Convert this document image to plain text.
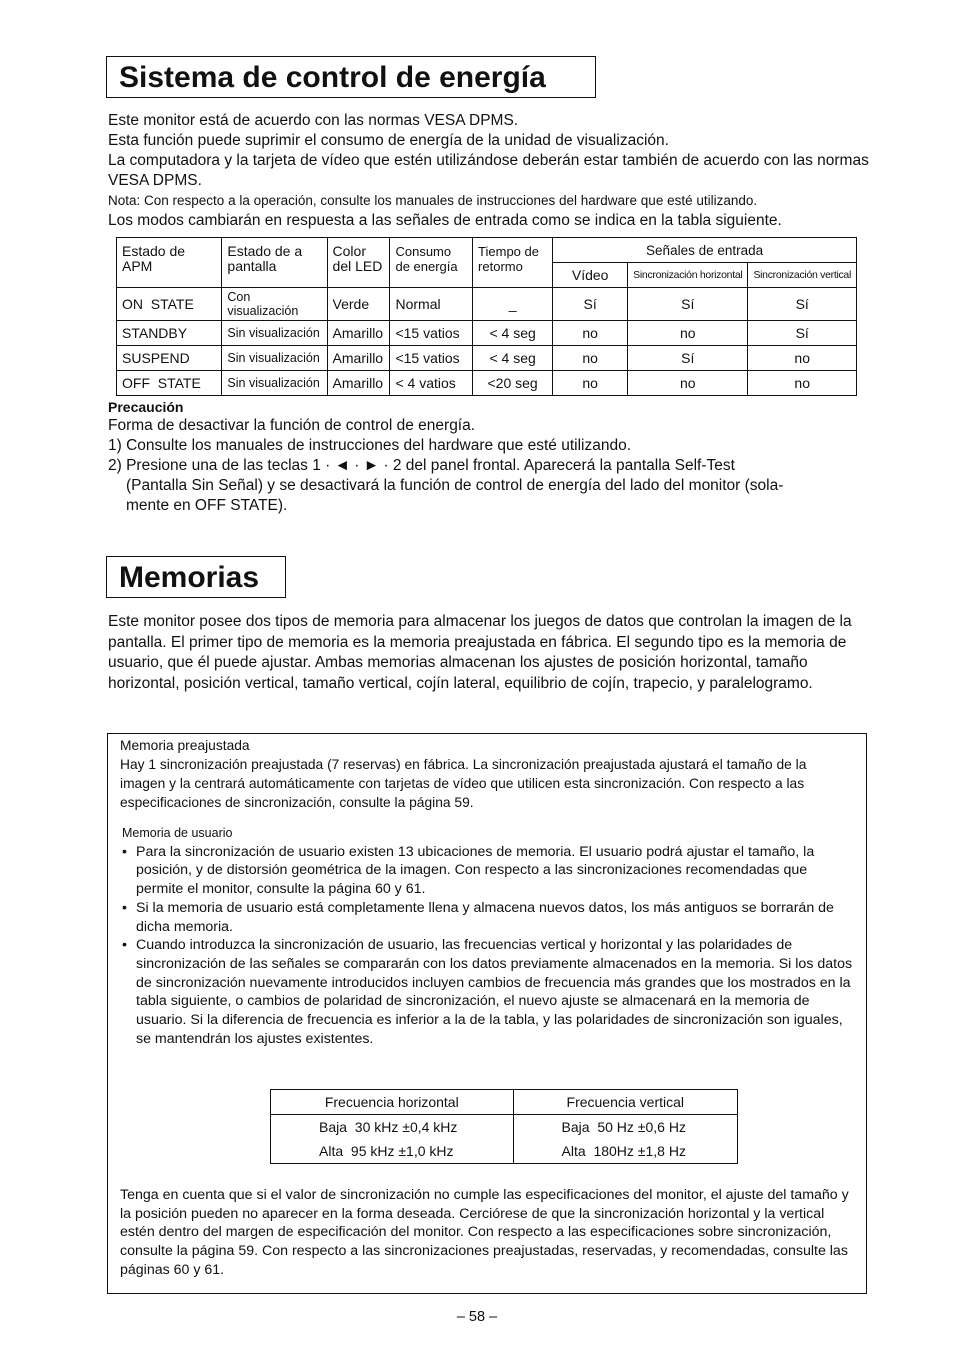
Sistema de control de energía

Este monitor está de acuerdo con las normas VESA DPMS.

Esta función puede suprimir el consumo de energía de la unidad de visualización.

La computadora y la tarjeta de vídeo que estén utilizándose deberán estar también de acuerdo con las normas VESA DPMS.

Nota: Con respecto a la operación, consulte los manuales de instrucciones del hardware que esté utilizando.

Los modos cambiarán en respuesta a las señales de entrada como se indica en la tabla siguiente.
Estado de APM	Estado de a pantalla	Color del LED	Consumo de energía	Tiempo de retormo	Señales de entrada		
					Vídeo	Sincronización horizontal	Sincronización vertical
ON  STATE	Con visualización	Verde	Normal	_	Sí	Sí	Sí
STANDBY	Sin visualización	Amarillo	<15 vatios	< 4 seg	no	no	Sí
SUSPEND	Sin visualización	Amarillo	<15 vatios	< 4 seg	no	Sí	no
OFF  STATE	Sin visualización	Amarillo	< 4 vatios	<20 seg	no	no	no
Precaución

Forma de desactivar la función de control de energía.

1) Consulte los manuales de instrucciones del hardware que esté utilizando.

2) Presione una de las teclas 1 · ◄ · ► · 2 del panel frontal. Aparecerá la pantalla Self-Test

(Pantalla Sin Señal) y se desactivará la función de control de energía del lado del monitor (sola-

mente en OFF STATE).

Memorias
Este monitor posee dos tipos de memoria para almacenar los juegos de datos que controlan la imagen de la pantalla. El primer tipo de memoria es la memoria preajustada en fábrica. El segundo tipo es la memoria de usuario, que él puede ajustar. Ambas memorias almacenan los ajustes de posición horizontal, tamaño horizontal, posición vertical, tamaño vertical, cojín lateral, equilibrio de cojín, trapecio, y paralelogramo.
Memoria preajustada

Hay 1 sincronización preajustada (7 reservas) en fábrica. La sincronización preajustada ajustará el tamaño de la imagen y la centrará automáticamente con tarjetas de vídeo que utilicen esta sincronización. Con respecto a las especificaciones de sincronización, consulte la página 59.

Memoria de usuario

• Para la sincronización de usuario existen 13 ubicaciones de memoria. El usuario podrá ajustar el tamaño, la posición, y de distorsión geométrica de la imagen. Con respecto a las sincronizaciones recomendadas que permite el monitor, consulte la página 60 y 61.

• Si la memoria de usuario está completamente llena y almacena nuevos datos, los más antiguos se borrarán de dicha memoria.

• Cuando introduzca la sincronización de usuario, las frecuencias vertical y horizontal y las polaridades de sincronización de las señales se compararán con los datos previamente almacenados en la memoria. Si los datos de sincronización nuevamente introducidos incluyen cambios de frecuencia más grandes que los mostrados en la tabla siguiente, o cambios de polaridad de sincronización, el nuevo ajuste se almacenará en la memoria de usuario. Si la diferencia de frecuencia es inferior a la de la tabla, y las polaridades de sincronización son iguales, se mantendrán los ajustes existentes.

Frecuencia horizontal	Frecuencia vertical
Baja  30 kHz ±0,4 kHz	Baja  50 Hz ±0,6 Hz
Alta  95 kHz ±1,0 kHz	Alta  180Hz ±1,8 Hz
Tenga en cuenta que si el valor de sincronización no cumple las especificaciones del monitor, el ajuste del tamaño y la posición pueden no aparecer en la forma deseada. Cerciórese de que la sincronización horizontal y la vertical estén dentro del margen de especificación del monitor. Con respecto a las especificaciones sobre sincronización, consulte la página 59. Con respecto a las sincronizaciones preajustadas, reservadas, y recomendadas, consulte las páginas 60 y 61.
– 58 –
